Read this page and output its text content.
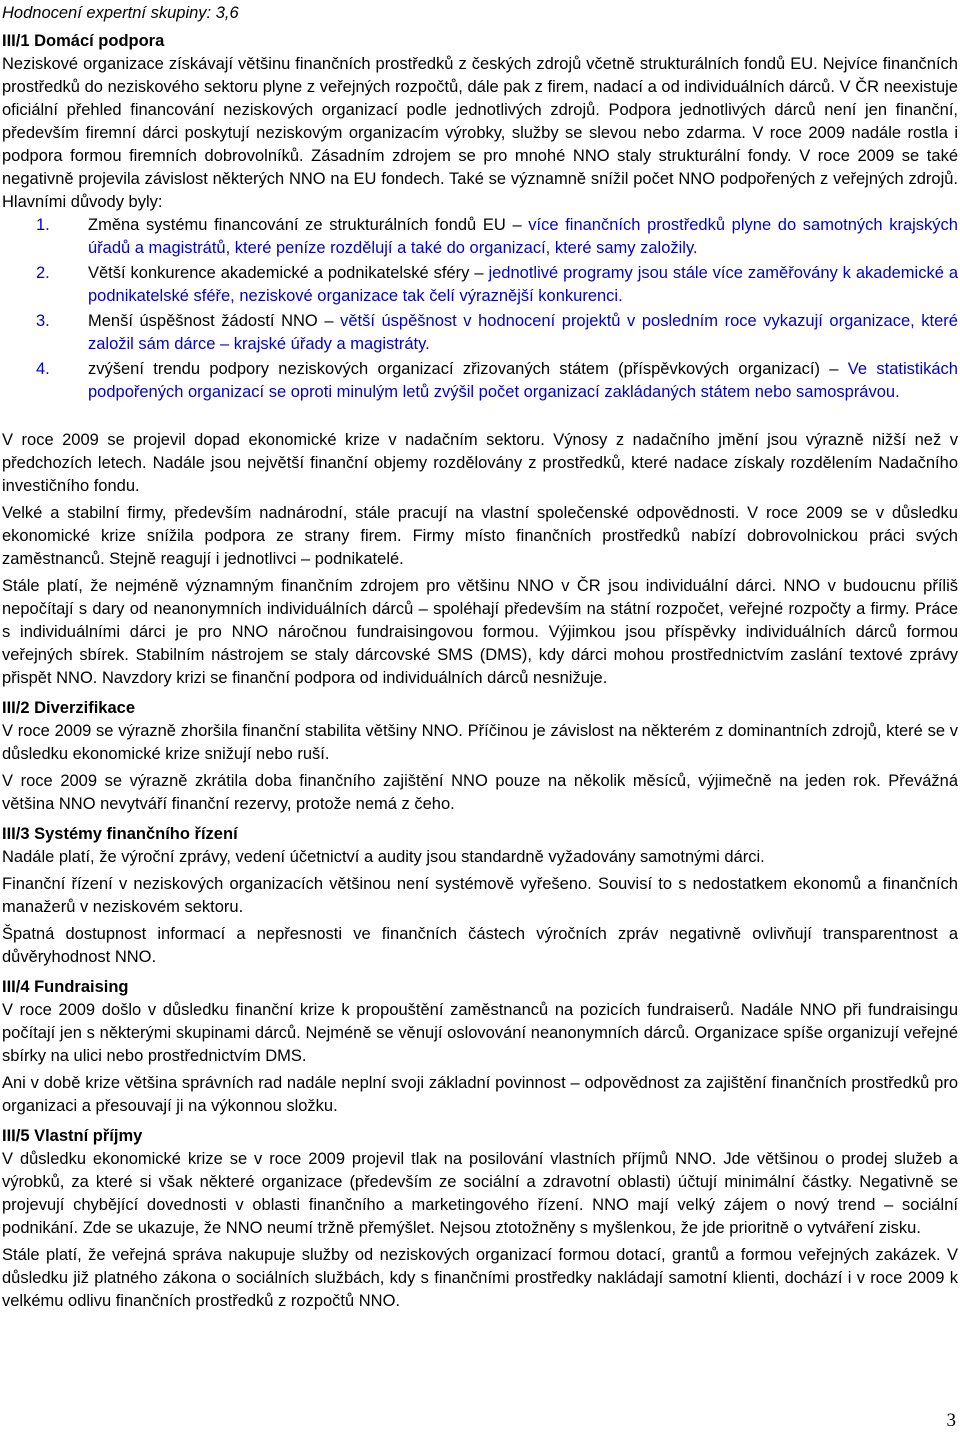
Hodnocení expertní skupiny: 3,6
III/1 Domácí podpora

Neziskové organizace získávají většinu finančních prostředků z českých zdrojů včetně strukturálních fondů EU. Nejvíce finančních prostředků do neziskového sektoru plyne z veřejných rozpočtů, dále pak z firem, nadací a od individuálních dárců. V ČR neexistuje oficiální přehled financování neziskových organizací podle jednotlivých zdrojů. Podpora jednotlivých dárců není jen finanční, především firemní dárci poskytují neziskovým organizacím výrobky, služby se slevou nebo zdarma. V roce 2009 nadále rostla i podpora formou firemních dobrovolníků. Zásadním zdrojem se pro mnohé NNO staly strukturální fondy. V roce 2009 se také negativně projevila závislost některých NNO na EU fondech. Také se významně snížil počet NNO podpořených z veřejných zdrojů. Hlavními důvody byly:

1.	Změna systému financování ze strukturálních fondů EU – více finančních prostředků plyne do samotných krajských úřadů a magistrátů, které peníze rozdělují a také do organizací, které samy založily.
2.	Větší konkurence akademické a podnikatelské sféry – jednotlivé programy jsou stále více zaměřovány k akademické a podnikatelské sféře, neziskové organizace tak čelí výraznější konkurenci.
3.	Menší úspěšnost žádostí NNO – větší úspěšnost v hodnocení projektů v posledním roce vykazují organizace, které založil sám dárce – krajské úřady a magistráty.
4.	zvýšení trendu podpory neziskových organizací zřizovaných státem (příspěvkových organizací) – Ve statistikách podpořených organizací se oproti minulým letů zvýšil počet organizací zakládaných státem nebo samosprávou.

V roce 2009 se projevil dopad ekonomické krize v nadačním sektoru. Výnosy z nadačního jmění jsou výrazně nižší než v předchozích letech. Nadále jsou největší finanční objemy rozdělovány z prostředků, které nadace získaly rozdělením Nadačního investičního fondu.

Velké a stabilní firmy, především nadnárodní, stále pracují na vlastní společenské odpovědnosti. V roce 2009 se v důsledku ekonomické krize snížila podpora ze strany firem. Firmy místo finančních prostředků nabízí dobrovolnickou práci svých zaměstnanců. Stejně reagují i jednotlivci – podnikatelé.

Stále platí, že nejméně významným finančním zdrojem pro většinu NNO v ČR jsou individuální dárci. NNO v budoucnu příliš nepočítají s dary od neanonymních individuálních dárců – spoléhají především na státní rozpočet, veřejné rozpočty a firmy. Práce s individuálními dárci je pro NNO náročnou fundraisingovou formou. Výjimkou jsou příspěvky individuálních dárců formou veřejných sbírek. Stabilním nástrojem se staly dárcovské SMS (DMS), kdy dárci mohou prostřednictvím zaslání textové zprávy přispět NNO. Navzdory krizi se finanční podpora od individuálních dárců nesnižuje.

III/2 Diverzifikace

V roce 2009 se výrazně zhoršila finanční stabilita většiny NNO. Příčinou je závislost na některém z dominantních zdrojů, které se v důsledku ekonomické krize snižují nebo ruší.

V roce 2009 se výrazně zkrátila doba finančního zajištění NNO pouze na několik měsíců, výjimečně na jeden rok. Převážná většina NNO nevytváří finanční rezervy, protože nemá z čeho.

III/3 Systémy finančního řízení

Nadále platí, že výroční zprávy, vedení účetnictví a audity jsou standardně vyžadovány samotnými dárci.

Finanční řízení v neziskových organizacích většinou není systémově vyřešeno. Souvisí to s nedostatkem ekonomů a finančních manažerů v neziskovém sektoru.

Špatná dostupnost informací a nepřesnosti ve finančních částech výročních zpráv negativně ovlivňují transparentnost a důvěryhodnost NNO.

III/4 Fundraising

V roce 2009 došlo v důsledku finanční krize k propouštění zaměstnanců na pozicích fundraiserů. Nadále NNO při fundraisingu počítají jen s některými skupinami dárců. Nejméně se věnují oslovování neanonymních dárců. Organizace spíše organizují veřejné sbírky na ulici nebo prostřednictvím DMS.

Ani v době krize většina správních rad nadále neplní svoji základní povinnost – odpovědnost za zajištění finančních prostředků pro organizaci a přesouvají ji na výkonnou složku.

III/5 Vlastní příjmy

V důsledku ekonomické krize se v roce 2009 projevil tlak na posilování vlastních příjmů NNO. Jde většinou o prodej služeb a výrobků, za které si však některé organizace (především ze sociální a zdravotní oblasti) účtují minimální částky. Negativně se projevují chybějící dovednosti v oblasti finančního a marketingového řízení. NNO mají velký zájem o nový trend – sociální podnikání. Zde se ukazuje, že NNO neumí tržně přemýšlet. Nejsou ztotožněny s myšlenkou, že jde prioritně o vytváření zisku.

Stále platí, že veřejná správa nakupuje služby od neziskových organizací formou dotací, grantů a formou veřejných zakázek. V důsledku již platného zákona o sociálních službách, kdy s finančními prostředky nakládají samotní klienti, dochází i v roce 2009 k velkému odlivu finančních prostředků z rozpočtů NNO.

3
